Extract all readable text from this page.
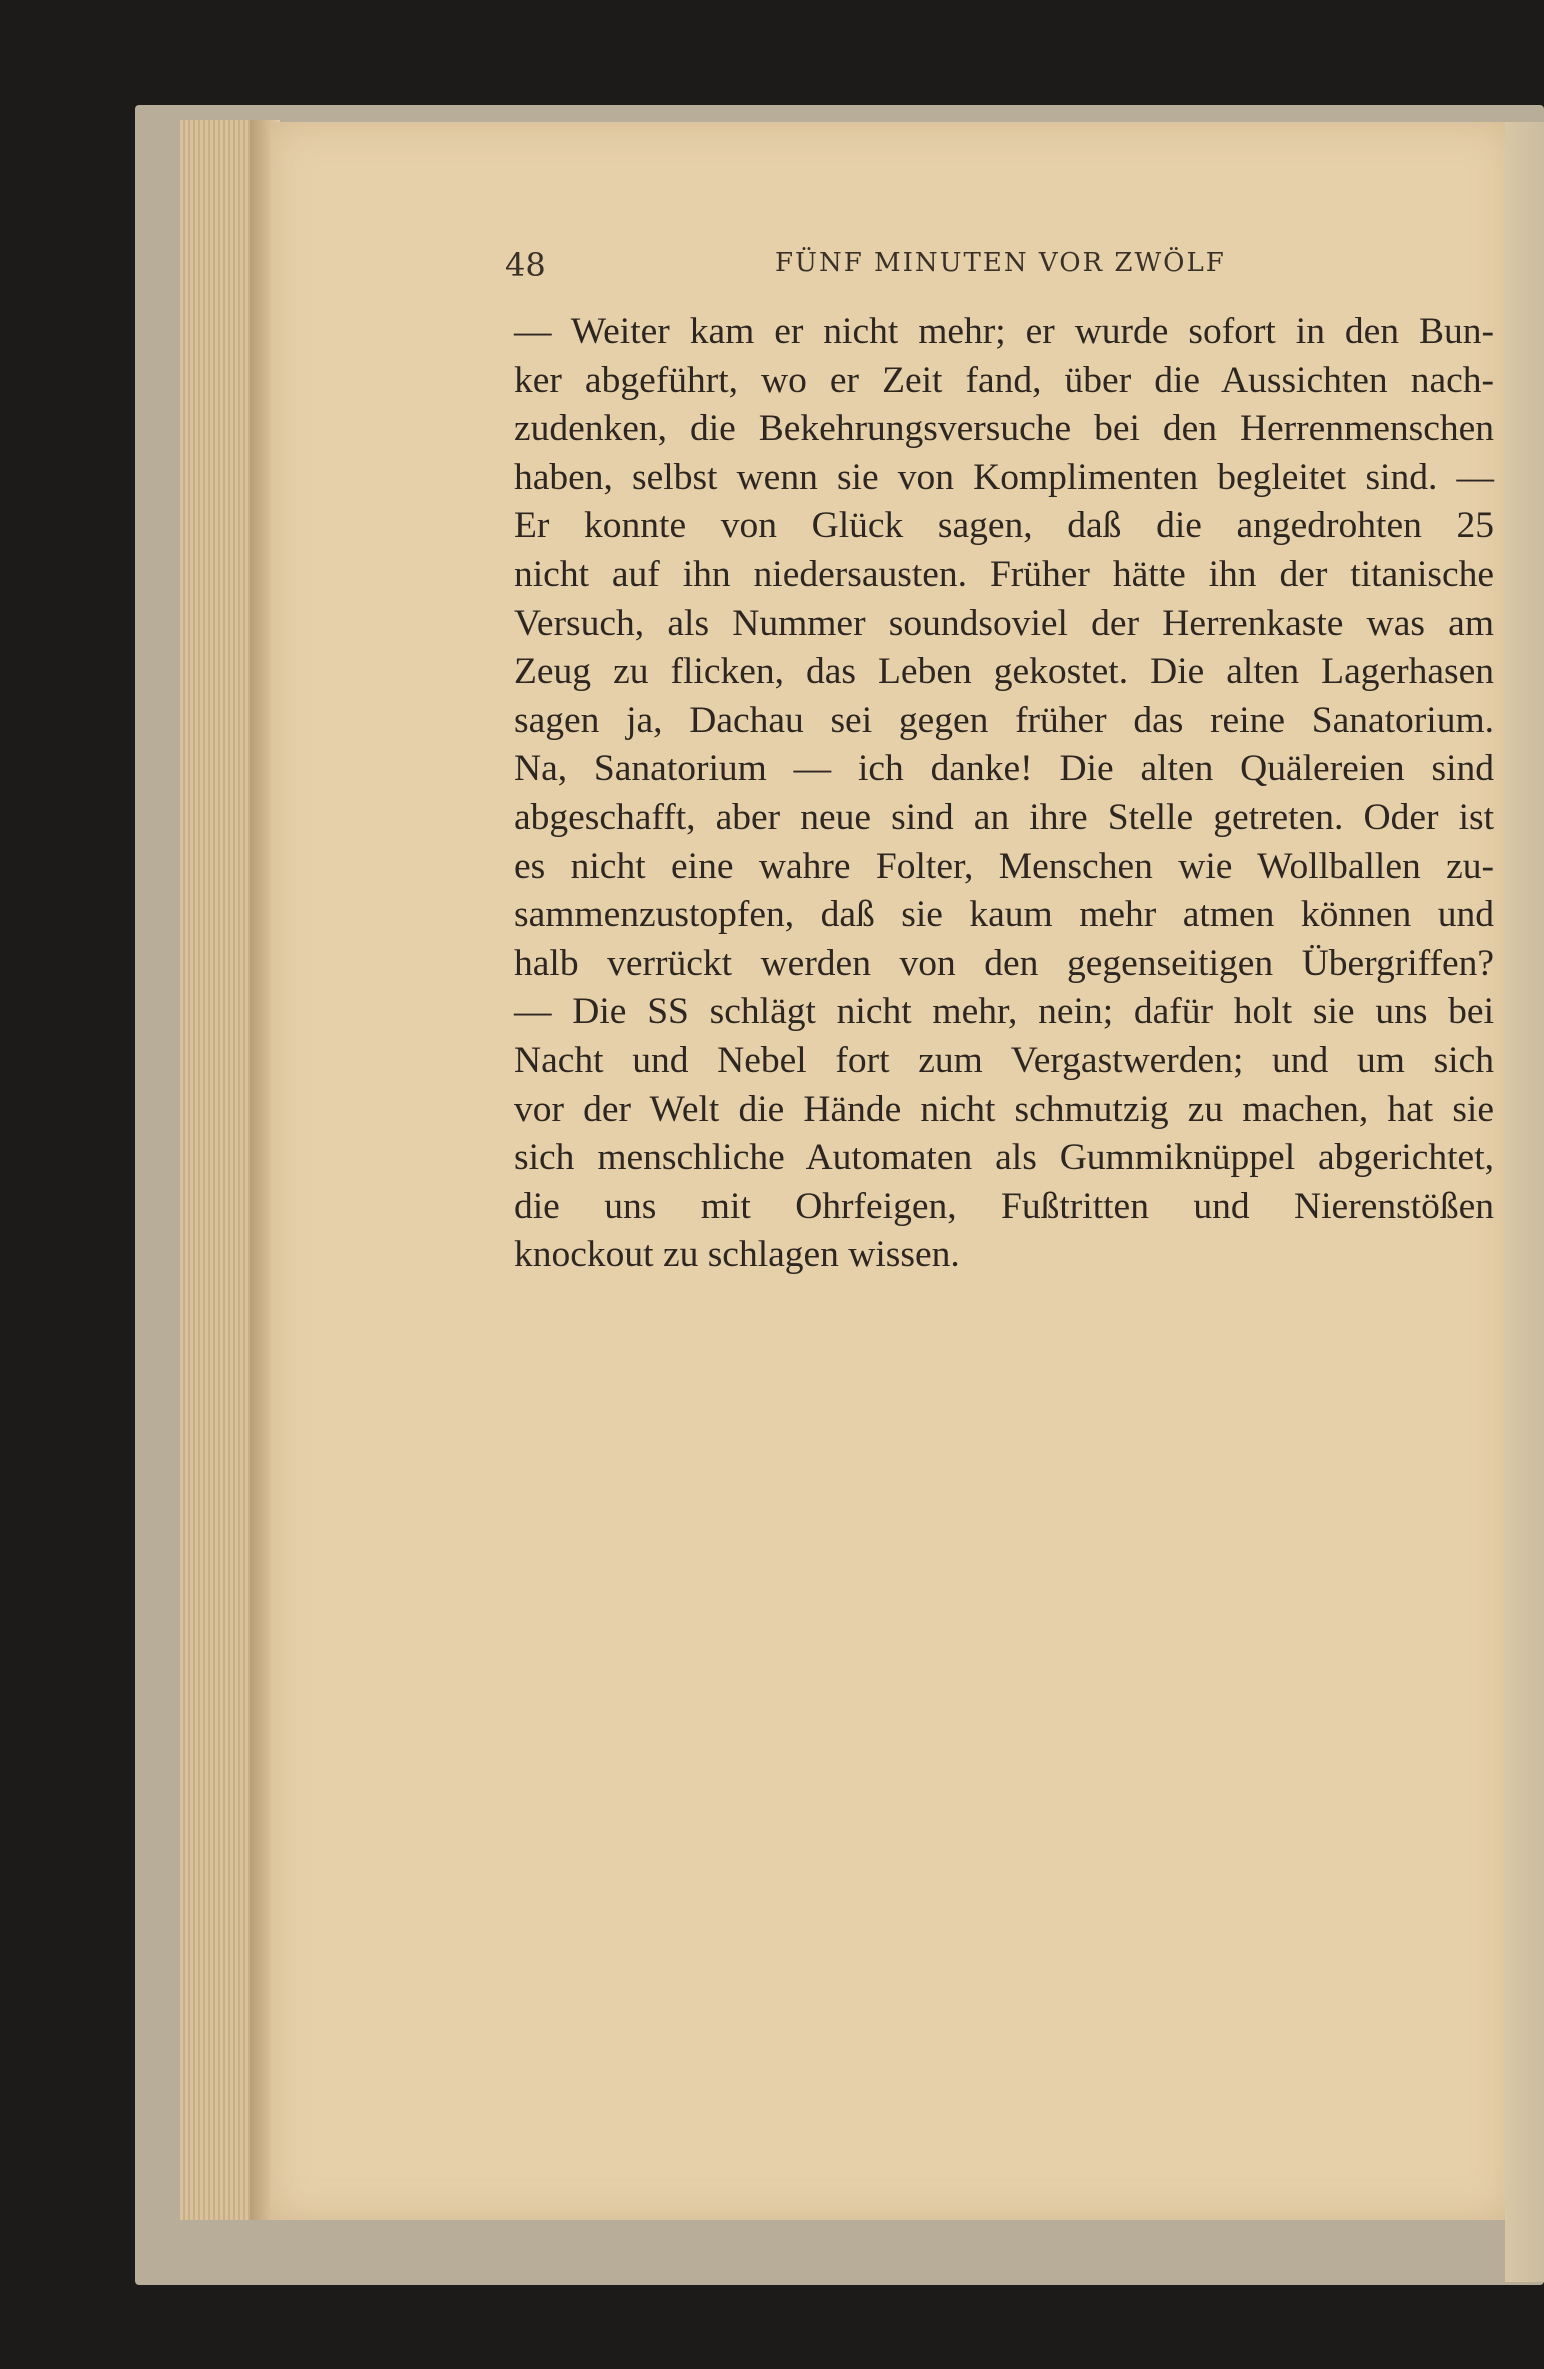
48	FÜNF MINUTEN VOR ZWÖLF
— Weiter kam er nicht mehr; er wurde sofort in den Bun-
ker abgeführt, wo er Zeit fand, über die Aussichten nach-
zudenken, die Bekehrungsversuche bei den Herrenmenschen
haben, selbst wenn sie von Komplimenten begleitet sind. —
Er konnte von Glück sagen, daß die angedrohten 25
nicht auf ihn niedersausten. Früher hätte ihn der titanische
Versuch, als Nummer soundsoviel der Herrenkaste was am
Zeug zu flicken, das Leben gekostet. Die alten Lagerhasen
sagen ja, Dachau sei gegen früher das reine Sanatorium.
Na, Sanatorium — ich danke! Die alten Quälereien sind
abgeschafft, aber neue sind an ihre Stelle getreten. Oder ist
es nicht eine wahre Folter, Menschen wie Wollballen zu-
sammenzustopfen, daß sie kaum mehr atmen können und
halb verrückt werden von den gegenseitigen Übergriffen?
— Die SS schlägt nicht mehr, nein; dafür holt sie uns bei
Nacht und Nebel fort zum Vergastwerden; und um sich
vor der Welt die Hände nicht schmutzig zu machen, hat sie
sich menschliche Automaten als Gummiknüppel abgerichtet,
die uns mit Ohrfeigen, Fußtritten und Nierenstößen
knockout zu schlagen wissen.
